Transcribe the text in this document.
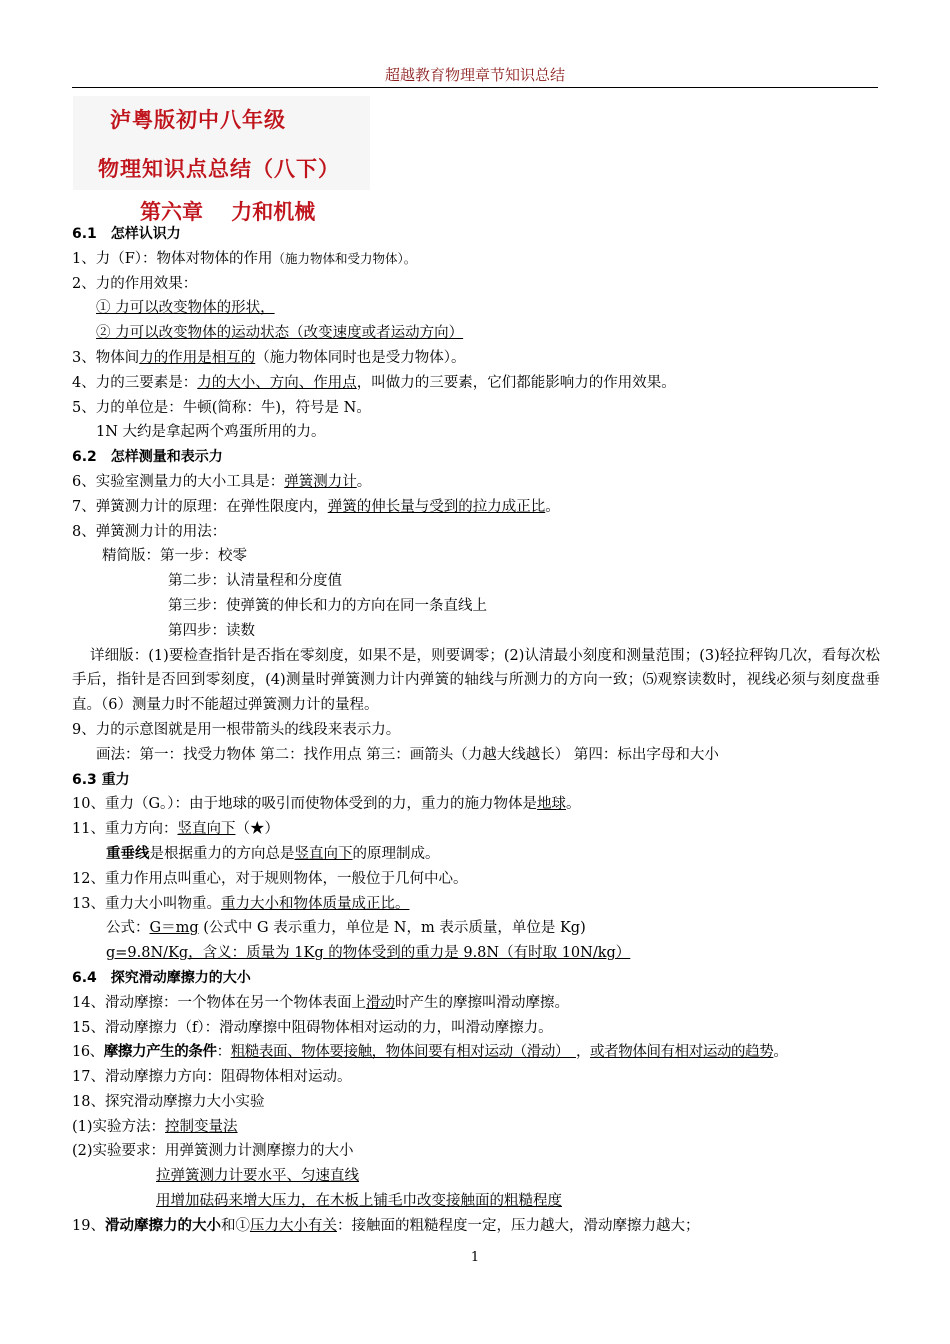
超越教育物理章节知识总结
泸粤版初中八年级
物理知识点总结（八下）
第六章　 力和机械
6.1　怎样认识力
1、力（F）：物体对物体的作用（施力物体和受力物体）。
2、力的作用效果：
① 力可以改变物体的形状，
② 力可以改变物体的运动状态（改变速度或者运动方向）
3、物体间力的作用是相互的（施力物体同时也是受力物体）。
4、力的三要素是：力的大小、方向、作用点，叫做力的三要素，它们都能影响力的作用效果。
5、力的单位是：牛顿(简称：牛)，符号是 N。
1N 大约是拿起两个鸡蛋所用的力。
6.2　怎样测量和表示力
6、实验室测量力的大小工具是：弹簧测力计。
7、弹簧测力计的原理：在弹性限度内，弹簧的伸长量与受到的拉力成正比。
8、弹簧测力计的用法：
精简版：第一步：校零
第二步：认清量程和分度值
第三步：使弹簧的伸长和力的方向在同一条直线上
第四步：读数
详细版：(1)要检查指针是否指在零刻度，如果不是，则要调零；(2)认清最小刻度和测量范围；(3)轻拉秤钩几次，看每次松手后，指针是否回到零刻度，(4)测量时弹簧测力计内弹簧的轴线与所测力的方向一致；⑸观察读数时，视线必须与刻度盘垂直。（6）测量力时不能超过弹簧测力计的量程。
9、力的示意图就是用一根带箭头的线段来表示力。
画法：第一：找受力物体 第二：找作用点 第三：画箭头（力越大线越长） 第四：标出字母和大小
6.3 重力
10、重力（G。）：由于地球的吸引而使物体受到的力，重力的施力物体是地球。
11、重力方向：竖直向下（★）
重垂线是根据重力的方向总是竖直向下的原理制成。
12、重力作用点叫重心，对于规则物体，一般位于几何中心。
13、重力大小叫物重。重力大小和物体质量成正比。
公式：G＝mg (公式中 G 表示重力，单位是 N，m 表示质量，单位是 Kg)
g=9.8N/Kg，含义：质量为 1Kg 的物体受到的重力是 9.8N（有时取 10N/kg）
6.4　探究滑动摩擦力的大小
14、滑动摩擦：一个物体在另一个物体表面上滑动时产生的摩擦叫滑动摩擦。
15、滑动摩擦力（f）：滑动摩擦中阻碍物体相对运动的力，叫滑动摩擦力。
16、摩擦力产生的条件：粗糙表面、物体要接触，物体间要有相对运动（滑动）　，或者物体间有相对运动的趋势。
17、滑动摩擦力方向：阻碍物体相对运动。
18、探究滑动摩擦力大小实验
(1)实验方法：控制变量法
(2)实验要求：用弹簧测力计测摩擦力的大小
拉弹簧测力计要水平、匀速直线
用增加砝码来增大压力，在木板上铺毛巾改变接触面的粗糙程度
19、滑动摩擦力的大小和①压力大小有关：接触面的粗糙程度一定，压力越大，滑动摩擦力越大；
1
